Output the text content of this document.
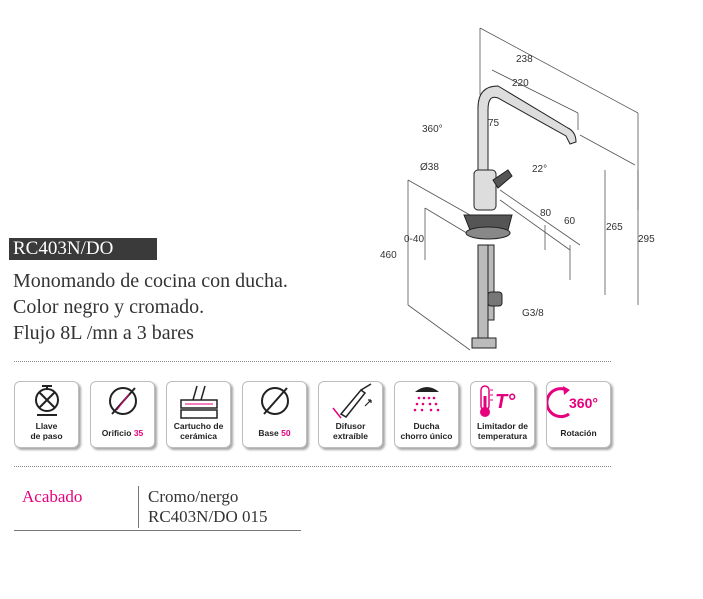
238
220
360°
75
Ø38	22°
80
60
265
295
0-40
460
G3/8
RC403N/DO
Monomando de cocina con ducha.
Color negro y cromado.
Flujo 8L /mn a 3 bares
Llave
de paso	Orificio 35
Cartucho de
cerámica	Base 50
Difusor
extraíble
Ducha
chorro único
T°
Limitador de
temperatura
360°
Rotación
Acabado	Cromo/nergo
RC403N/DO 015
